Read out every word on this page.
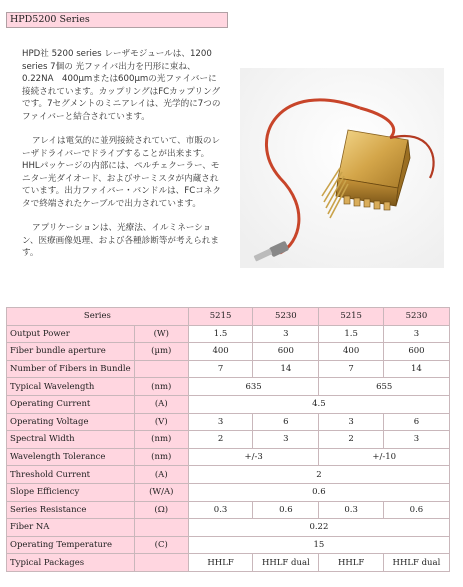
HPD5200 Series

HPD社 5200 series レーザモジュールは、1200 series 7個の 光ファイバ出力を円形に束ね、0.22NA　400µmまたは600µmの光ファイバーに接続されています。カップリングはFCカップリングです。7セグメントのミニアレイは、光学的に7つのファイバーと結合されています。

アレイは電気的に並列接続されていて、市販のレーザドライバーでドライブすることが出来ます。HHLパッケージの内部には、ペルチェクーラー、モニター光ダイオード、およびサーミスタが内蔵されています。出力ファイバー・バンドルは、FCコネクタで終端されたケーブルで出力されています。

アプリケーションは、光療法、イルミネーション、医療画像処理、および各種診断等が考えられます。

Series		5215	5230	5215	5230
Output Power	(W)	1.5	3	1.5	3
Fiber bundle aperture	(µm)	400	600	400	600
Number of Fibers in Bundle		7	14	7	14
Typical Wavelength	(nm)	635		655	
Operating Current	(A)	4.5			
Operating Voltage	(V)	3	6	3	6
Spectral Width	(nm)	2	3	2	3
Wavelength Tolerance	(nm)	+/-3		+/-10	
Threshold Current	(A)	2			
Slope Efficiency	(W/A)	0.6			
Series Resistance	(Ω)	0.3	0.6	0.3	0.6
Fiber NA		0.22			
Operating Temperature	(C)	15			
Typical Packages		HHLF	HHLF dual	HHLF	HHLF dual
